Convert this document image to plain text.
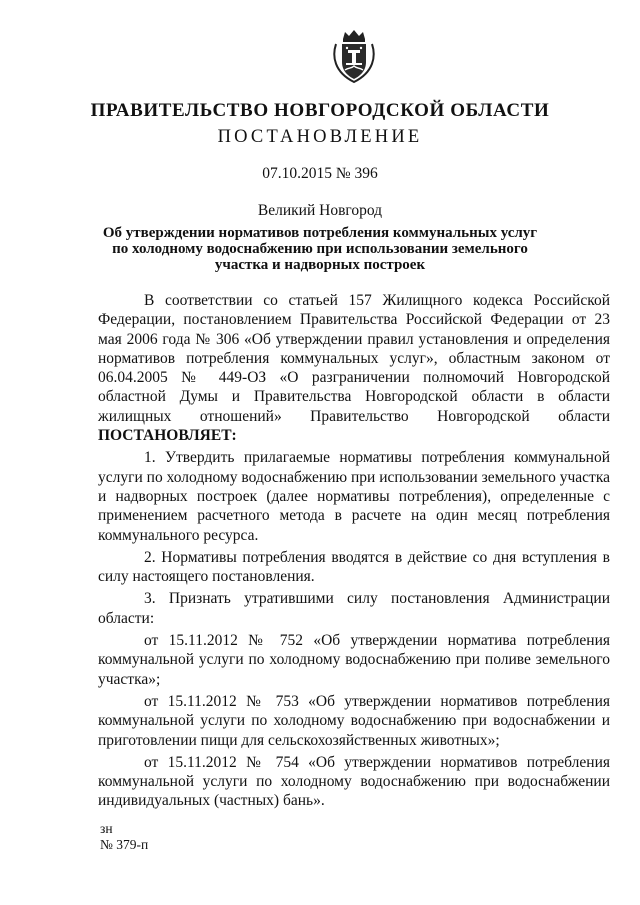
ПРАВИТЕЛЬСТВО НОВГОРОДСКОЙ ОБЛАСТИ
ПОСТАНОВЛЕНИЕ
07.10.2015 № 396
Великий Новгород
Об утверждении нормативов потребления коммунальных услуг
по холодному водоснабжению при использовании земельного
участка и надворных построек

В соответствии со статьей 157 Жилищного кодекса Российской Федерации, постановлением Правительства Российской Федерации от 23 мая 2006 года № 306 «Об утверждении правил установления и определения нормативов потребления коммунальных услуг», областным законом от 06.04.2005 № 449-ОЗ «О разграничении полномочий Новгородской областной Думы и Правительства Новгородской области в области жилищных отношений» Правительство Новгородской области ПОСТАНОВЛЯЕТ:

1. Утвердить прилагаемые нормативы потребления коммунальной услуги по холодному водоснабжению при использовании земельного участка и надворных построек (далее нормативы потребления), определенные с применением расчетного метода в расчете на один месяц потребления коммунального ресурса.

2. Нормативы потребления вводятся в действие со дня вступления в силу настоящего постановления.

3. Признать утратившими силу постановления Администрации области:

от 15.11.2012 № 752 «Об утверждении норматива потребления коммунальной услуги по холодному водоснабжению при поливе земельного участка»;

от 15.11.2012 № 753 «Об утверждении нормативов потребления коммунальной услуги по холодному водоснабжению при водоснабжении и приготовлении пищи для сельскохозяйственных животных»;

от 15.11.2012 № 754 «Об утверждении нормативов потребления коммунальной услуги по холодному водоснабжению при водоснабжении индивидуальных (частных) бань».

зн
№ 379-п
